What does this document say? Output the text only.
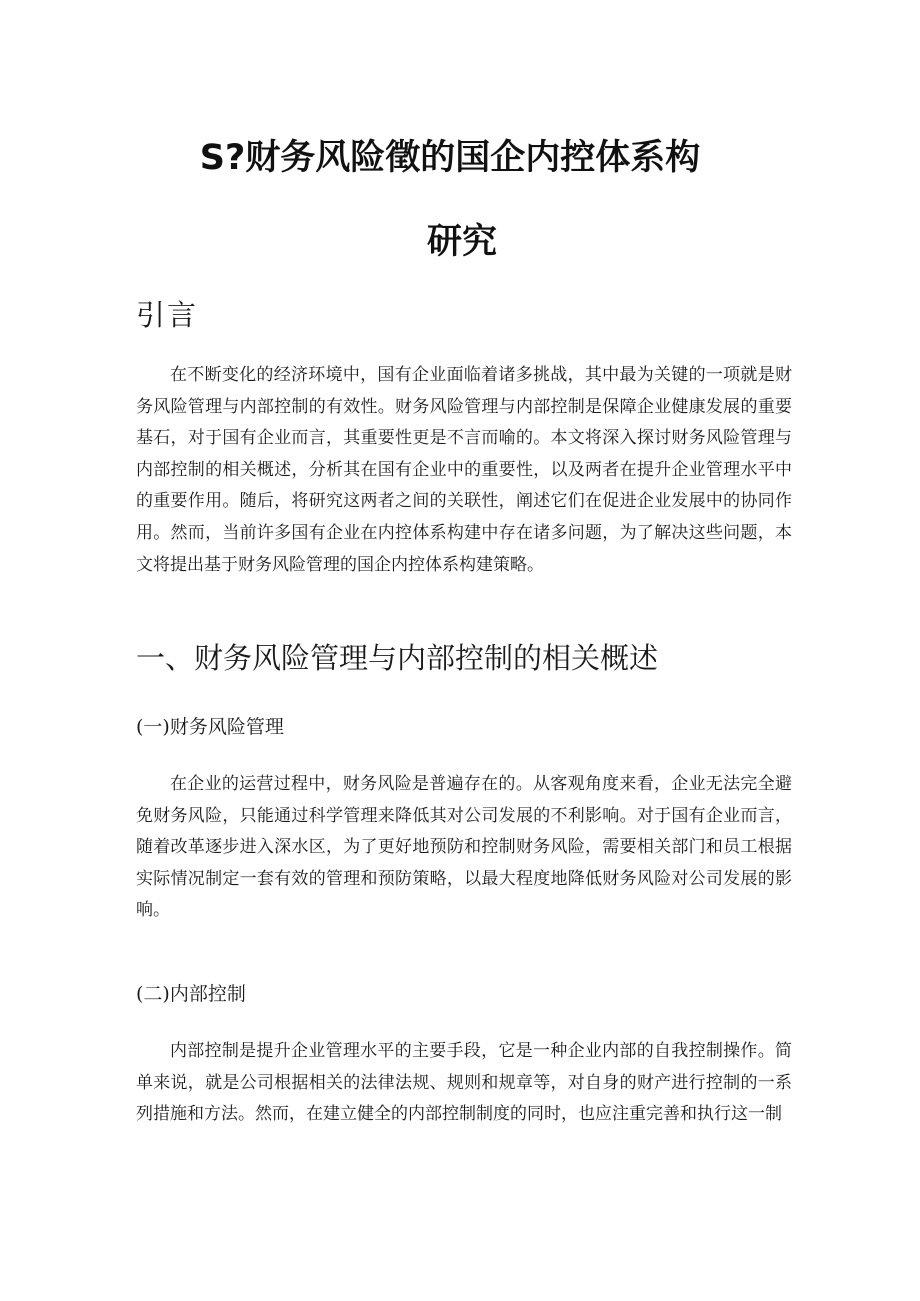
S?财务风险徵的国企内控体系构
研究
引言

在不断变化的经济环境中，国有企业面临着诸多挑战，其中最为关键的一项就是财务风险管理与内部控制的有效性。财务风险管理与内部控制是保障企业健康发展的重要基石，对于国有企业而言，其重要性更是不言而喻的。本文将深入探讨财务风险管理与内部控制的相关概述，分析其在国有企业中的重要性，以及两者在提升企业管理水平中的重要作用。随后，将研究这两者之间的关联性，阐述它们在促进企业发展中的协同作用。然而，当前许多国有企业在内控体系构建中存在诸多问题，为了解决这些问题，本文将提出基于财务风险管理的国企内控体系构建策略。

一、财务风险管理与内部控制的相关概述
(一)财务风险管理

在企业的运营过程中，财务风险是普遍存在的。从客观角度来看，企业无法完全避免财务风险，只能通过科学管理来降低其对公司发展的不利影响。对于国有企业而言，随着改革逐步进入深水区，为了更好地预防和控制财务风险，需要相关部门和员工根据实际情况制定一套有效的管理和预防策略，以最大程度地降低财务风险对公司发展的影响。

(二)内部控制

内部控制是提升企业管理水平的主要手段，它是一种企业内部的自我控制操作。简单来说，就是公司根据相关的法律法规、规则和规章等，对自身的财产进行控制的一系列措施和方法。然而，在建立健全的内部控制制度的同时，也应注重完善和执行这一制
